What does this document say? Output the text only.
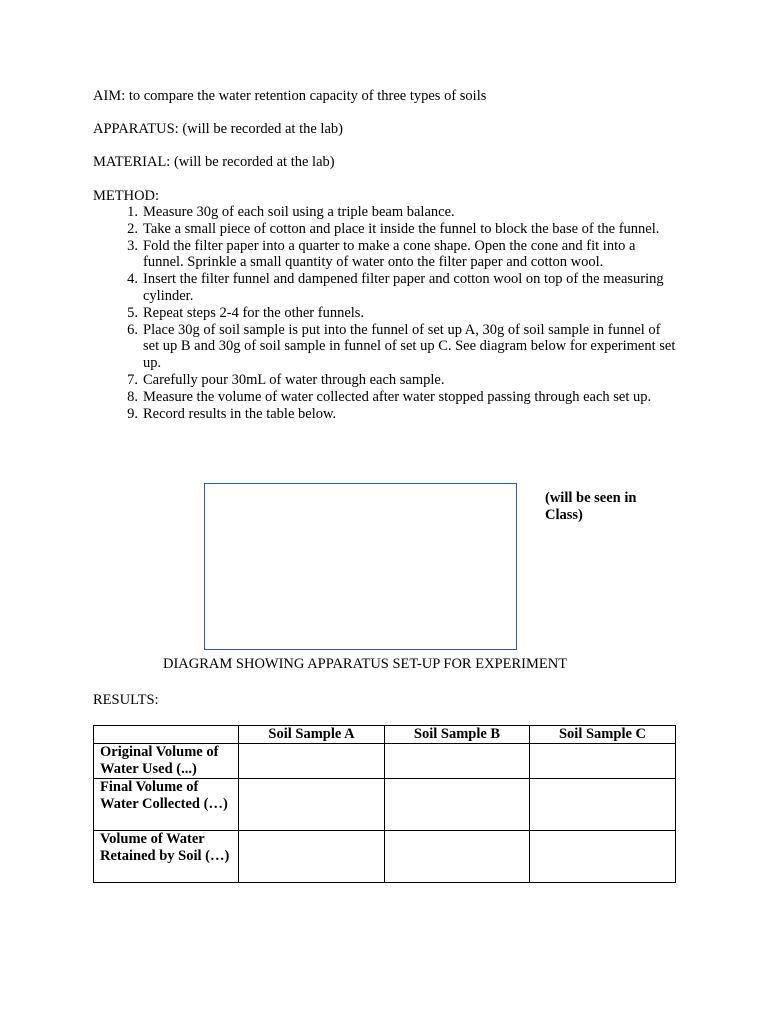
AIM: to compare the water retention capacity of three types of soils
APPARATUS: (will be recorded at the lab)
MATERIAL: (will be recorded at the lab)
METHOD:
1. Measure 30g of each soil using a triple beam balance.
2. Take a small piece of cotton and place it inside the funnel to block the base of the funnel.
3. Fold the filter paper into a quarter to make a cone shape. Open the cone and fit into a funnel. Sprinkle a small quantity of water onto the filter paper and cotton wool.
4. Insert the filter funnel and dampened filter paper and cotton wool on top of the measuring cylinder.
5. Repeat steps 2-4 for the other funnels.
6. Place 30g of soil sample is put into the funnel of set up A, 30g of soil sample in funnel of set up B and 30g of soil sample in funnel of set up C. See diagram below for experiment set up.
7. Carefully pour 30mL of water through each sample.
8. Measure the volume of water collected after water stopped passing through each set up.
9. Record results in the table below.
(will be seen in Class)
DIAGRAM SHOWING APPARATUS SET-UP FOR EXPERIMENT
RESULTS:
	Soil Sample A	Soil Sample B	Soil Sample C
Original Volume of Water Used (...)			
Final Volume of Water Collected (…)			
Volume of Water Retained by Soil (…)			
